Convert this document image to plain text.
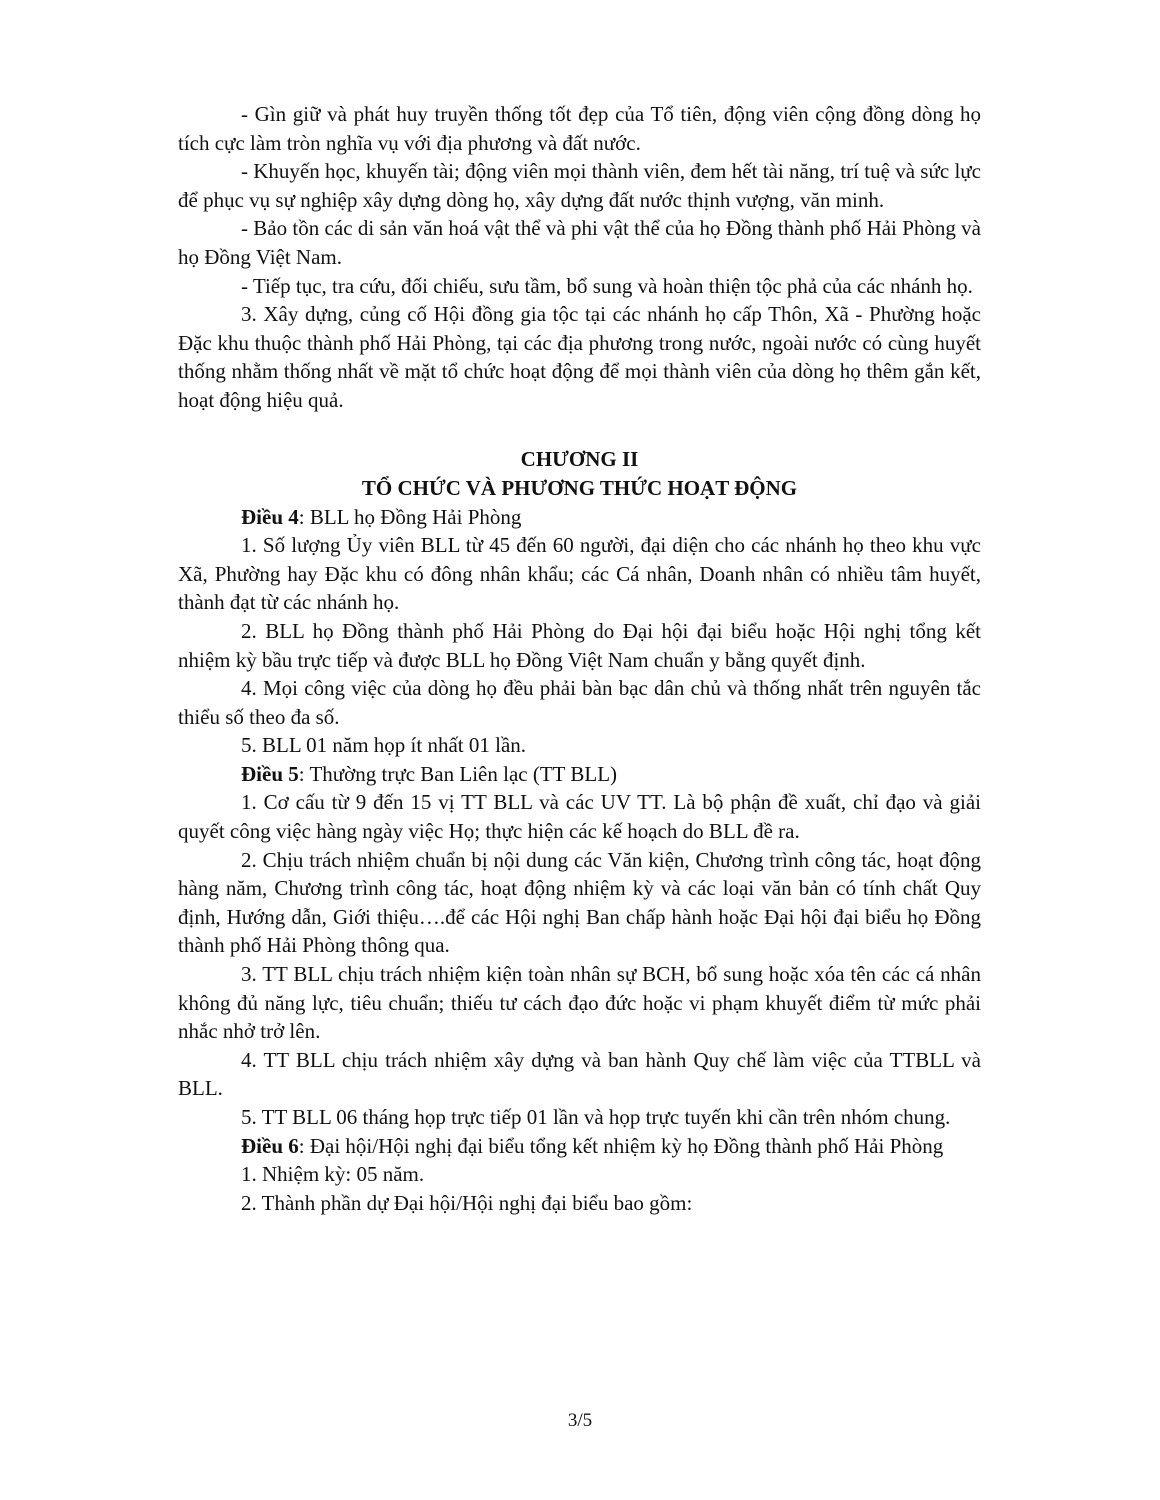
- Gìn giữ và phát huy truyền thống tốt đẹp của Tổ tiên, động viên cộng đồng dòng họ tích cực làm tròn nghĩa vụ với địa phương và đất nước.

- Khuyến học, khuyến tài; động viên mọi thành viên, đem hết tài năng, trí tuệ và sức lực để phục vụ sự nghiệp xây dựng dòng họ, xây dựng đất nước thịnh vượng, văn minh.

- Bảo tồn các di sản văn hoá vật thể và phi vật thể của họ Đồng thành phố Hải Phòng và họ Đồng Việt Nam.

- Tiếp tục, tra cứu, đối chiếu, sưu tầm, bổ sung và hoàn thiện tộc phả của các nhánh họ.

3. Xây dựng, củng cố Hội đồng gia tộc tại các nhánh họ cấp Thôn, Xã - Phường hoặc Đặc khu thuộc thành phố Hải Phòng, tại các địa phương trong nước, ngoài nước có cùng huyết thống nhằm thống nhất về mặt tổ chức hoạt động để mọi thành viên của dòng họ thêm gắn kết, hoạt động hiệu quả.

CHƯƠNG II
TỔ CHỨC VÀ PHƯƠNG THỨC HOẠT ĐỘNG

Điều 4: BLL họ Đồng Hải Phòng

1. Số lượng Ủy viên BLL từ 45 đến 60 người, đại diện cho các nhánh họ theo khu vực Xã, Phường hay Đặc khu có đông nhân khẩu; các Cá nhân, Doanh nhân có nhiều tâm huyết, thành đạt từ các nhánh họ.

2. BLL họ Đồng thành phố Hải Phòng do Đại hội đại biểu hoặc Hội nghị tổng kết nhiệm kỳ bầu trực tiếp và được BLL họ Đồng Việt Nam chuẩn y bằng quyết định.

4. Mọi công việc của dòng họ đều phải bàn bạc dân chủ và thống nhất trên nguyên tắc thiểu số theo đa số.

5. BLL 01 năm họp ít nhất 01 lần.

Điều 5: Thường trực Ban Liên lạc (TT BLL)

1. Cơ cấu từ 9 đến 15 vị TT BLL và các UV TT. Là bộ phận đề xuất, chỉ đạo và giải quyết công việc hàng ngày việc Họ; thực hiện các kế hoạch do BLL đề ra.

2. Chịu trách nhiệm chuẩn bị nội dung các Văn kiện, Chương trình công tác, hoạt động hàng năm, Chương trình công tác, hoạt động nhiệm kỳ và các loại văn bản có tính chất Quy định, Hướng dẫn, Giới thiệu….để các Hội nghị Ban chấp hành hoặc Đại hội đại biểu họ Đồng thành phố Hải Phòng thông qua.

3. TT BLL chịu trách nhiệm kiện toàn nhân sự BCH, bổ sung hoặc xóa tên các cá nhân không đủ năng lực, tiêu chuẩn; thiếu tư cách đạo đức hoặc vi phạm khuyết điểm từ mức phải nhắc nhở trở lên.

4. TT BLL chịu trách nhiệm xây dựng và ban hành Quy chế làm việc của TTBLL và BLL.

5. TT BLL 06 tháng họp trực tiếp 01 lần và họp trực tuyến khi cần trên nhóm chung.

Điều 6: Đại hội/Hội nghị đại biểu tổng kết nhiệm kỳ họ Đồng thành phố Hải Phòng

1. Nhiệm kỳ: 05 năm.

2. Thành phần dự Đại hội/Hội nghị đại biểu bao gồm:

3/5
